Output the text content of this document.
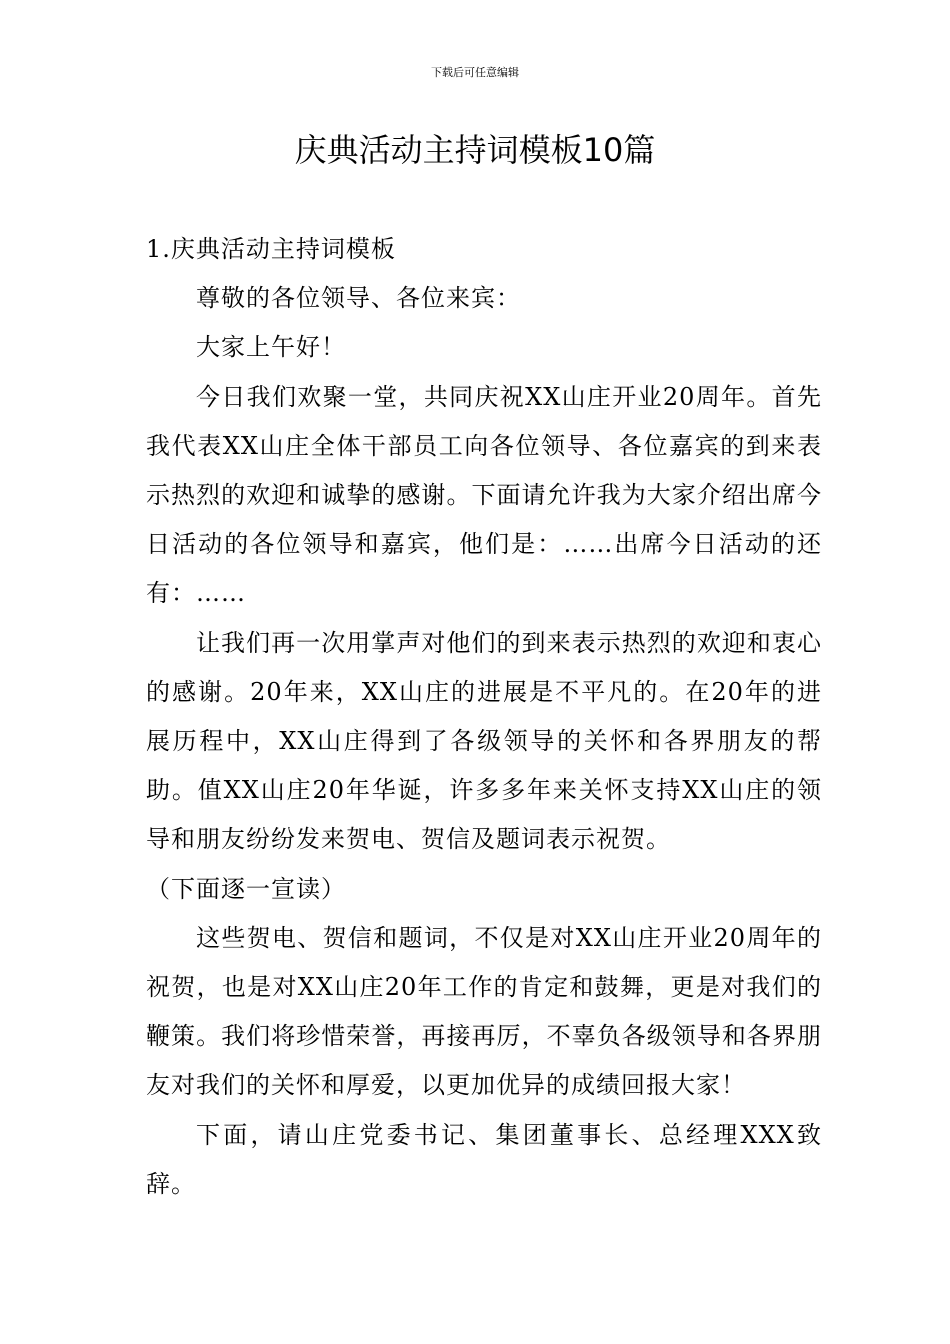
下载后可任意编辑
庆典活动主持词模板10篇

1.庆典活动主持词模板

尊敬的各位领导、各位来宾：

大家上午好！

今日我们欢聚一堂，共同庆祝XX山庄开业20周年。首先我代表XX山庄全体干部员工向各位领导、各位嘉宾的到来表示热烈的欢迎和诚挚的感谢。下面请允许我为大家介绍出席今日活动的各位领导和嘉宾，他们是：……出席今日活动的还有：……

让我们再一次用掌声对他们的到来表示热烈的欢迎和衷心的感谢。20年来，XX山庄的进展是不平凡的。在20年的进展历程中，XX山庄得到了各级领导的关怀和各界朋友的帮助。值XX山庄20年华诞，许多多年来关怀支持XX山庄的领导和朋友纷纷发来贺电、贺信及题词表示祝贺。

（下面逐一宣读）

这些贺电、贺信和题词，不仅是对XX山庄开业20周年的祝贺，也是对XX山庄20年工作的肯定和鼓舞，更是对我们的鞭策。我们将珍惜荣誉，再接再厉，不辜负各级领导和各界朋友对我们的关怀和厚爱，以更加优异的成绩回报大家！

下面，请山庄党委书记、集团董事长、总经理XXX致辞。
